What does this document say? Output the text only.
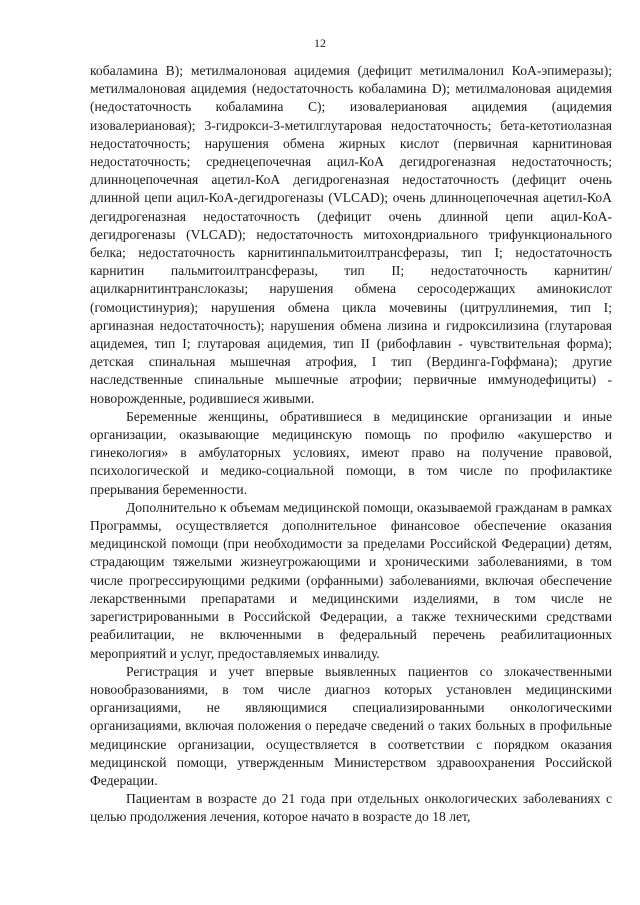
12

кобаламина B); метилмалоновая ацидемия (дефицит метилмалонил КоА-эпимеразы); метилмалоновая ацидемия (недостаточность кобаламина D); метилмалоновая ацидемия (недостаточность кобаламина C); изовалериановая ацидемия (ацидемия изовалериановая); 3-гидрокси-3-метилглутаровая недостаточность; бета-кетотиолазная недостаточность; нарушения обмена жирных кислот (первичная карнитиновая недостаточность; среднецепочечная ацил-КоА дегидрогеназная недостаточность; длинноцепочечная ацетил-КоА дегидрогеназная недостаточность (дефицит очень длинной цепи ацил-КоА-дегидрогеназы (VLCAD); очень длинноцепочечная ацетил-КоА дегидрогеназная недостаточность (дефицит очень длинной цепи ацил-КоА-дегидрогеназы (VLCAD); недостаточность митохондриального трифункционального белка; недостаточность карнитинпальмитоилтрансферазы, тип I; недостаточность карнитин пальмитоилтрансферазы, тип II; недостаточность карнитин/ацилкарнитинтранслоказы; нарушения обмена серосодержащих аминокислот (гомоцистинурия); нарушения обмена цикла мочевины (цитруллинемия, тип I; аргиназная недостаточность); нарушения обмена лизина и гидроксилизина (глутаровая ацидемея, тип I; глутаровая ацидемия, тип II (рибофлавин - чувствительная форма); детская спинальная мышечная атрофия, I тип (Вердинга-Гоффмана); другие наследственные спинальные мышечные атрофии; первичные иммунодефициты) - новорожденные, родившиеся живыми.

Беременные женщины, обратившиеся в медицинские организации и иные организации, оказывающие медицинскую помощь по профилю «акушерство и гинекология» в амбулаторных условиях, имеют право на получение правовой, психологической и медико-социальной помощи, в том числе по профилактике прерывания беременности.

Дополнительно к объемам медицинской помощи, оказываемой гражданам в рамках Программы, осуществляется дополнительное финансовое обеспечение оказания медицинской помощи (при необходимости за пределами Российской Федерации) детям, страдающим тяжелыми жизнеугрожающими и хроническими заболеваниями, в том числе прогрессирующими редкими (орфанными) заболеваниями, включая обеспечение лекарственными препаратами и медицинскими изделиями, в том числе не зарегистрированными в Российской Федерации, а также техническими средствами реабилитации, не включенными в федеральный перечень реабилитационных мероприятий и услуг, предоставляемых инвалиду.

Регистрация и учет впервые выявленных пациентов со злокачественными новообразованиями, в том числе диагноз которых установлен медицинскими организациями, не являющимися специализированными онкологическими организациями, включая положения о передаче сведений о таких больных в профильные медицинские организации, осуществляется в соответствии с порядком оказания медицинской помощи, утвержденным Министерством здравоохранения Российской Федерации.

Пациентам в возрасте до 21 года при отдельных онкологических заболеваниях с целью продолжения лечения, которое начато в возрасте до 18 лет,
